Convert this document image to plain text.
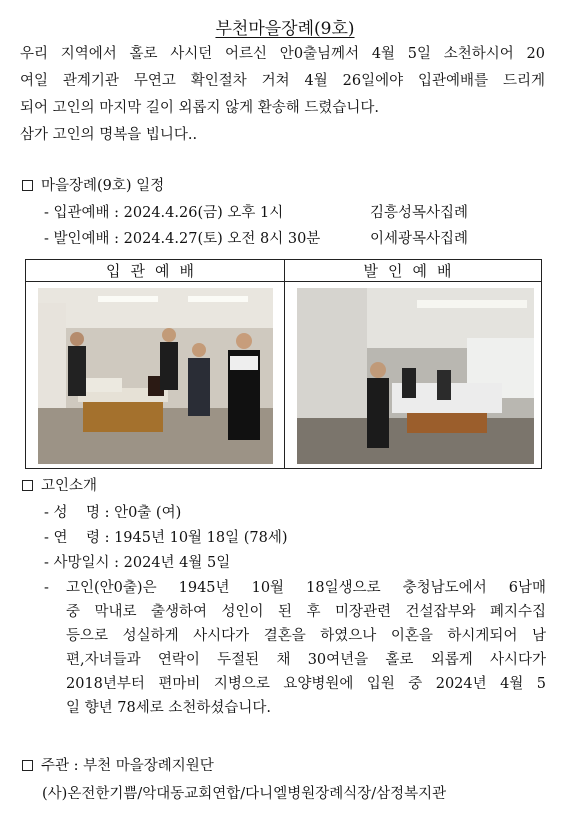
부천마을장례(9호)
우리 지역에서 홀로 사시던 어르신 안0출님께서 4월 5일 소천하시어 20
여일 관계기관 무연고 확인절차 거쳐 4월 26일에야 입관예배를 드리게
되어 고인의 마지막 길이 외롭지 않게 환송해 드렸습니다.
삼가 고인의 명복을 빕니다..
마을장례(9호) 일정
- 입관예배 : 2024.4.26(금) 오후 1시	김흥성목사집례
- 발인예배 : 2024.4.27(토) 오전 8시 30분	이세광목사집례
입관예배	발인예배
고인소개
- 성    명 : 안0출 (여)
- 연    령 : 1945년 10월 18일 (78세)
- 사망일시 : 2024년 4월 5일
- 고인(안0출)은 1945년 10월 18일생으로 충청남도에서 6남매
중 막내로 출생하여 성인이 된 후 미장관련 건설잡부와 폐지수집
등으로 성실하게 사시다가 결혼을 하였으나 이혼을 하시게되어 남
편,자녀들과 연락이 두절된 채 30여년을 홀로 외롭게 사시다가
2018년부터 편마비 지병으로 요양병원에 입원 중 2024년 4월 5
일 향년 78세로 소천하셨습니다.
주관 : 부천 마을장례지원단
(사)온전한기쁨/악대동교회연합/다니엘병원장례식장/삼정복지관
